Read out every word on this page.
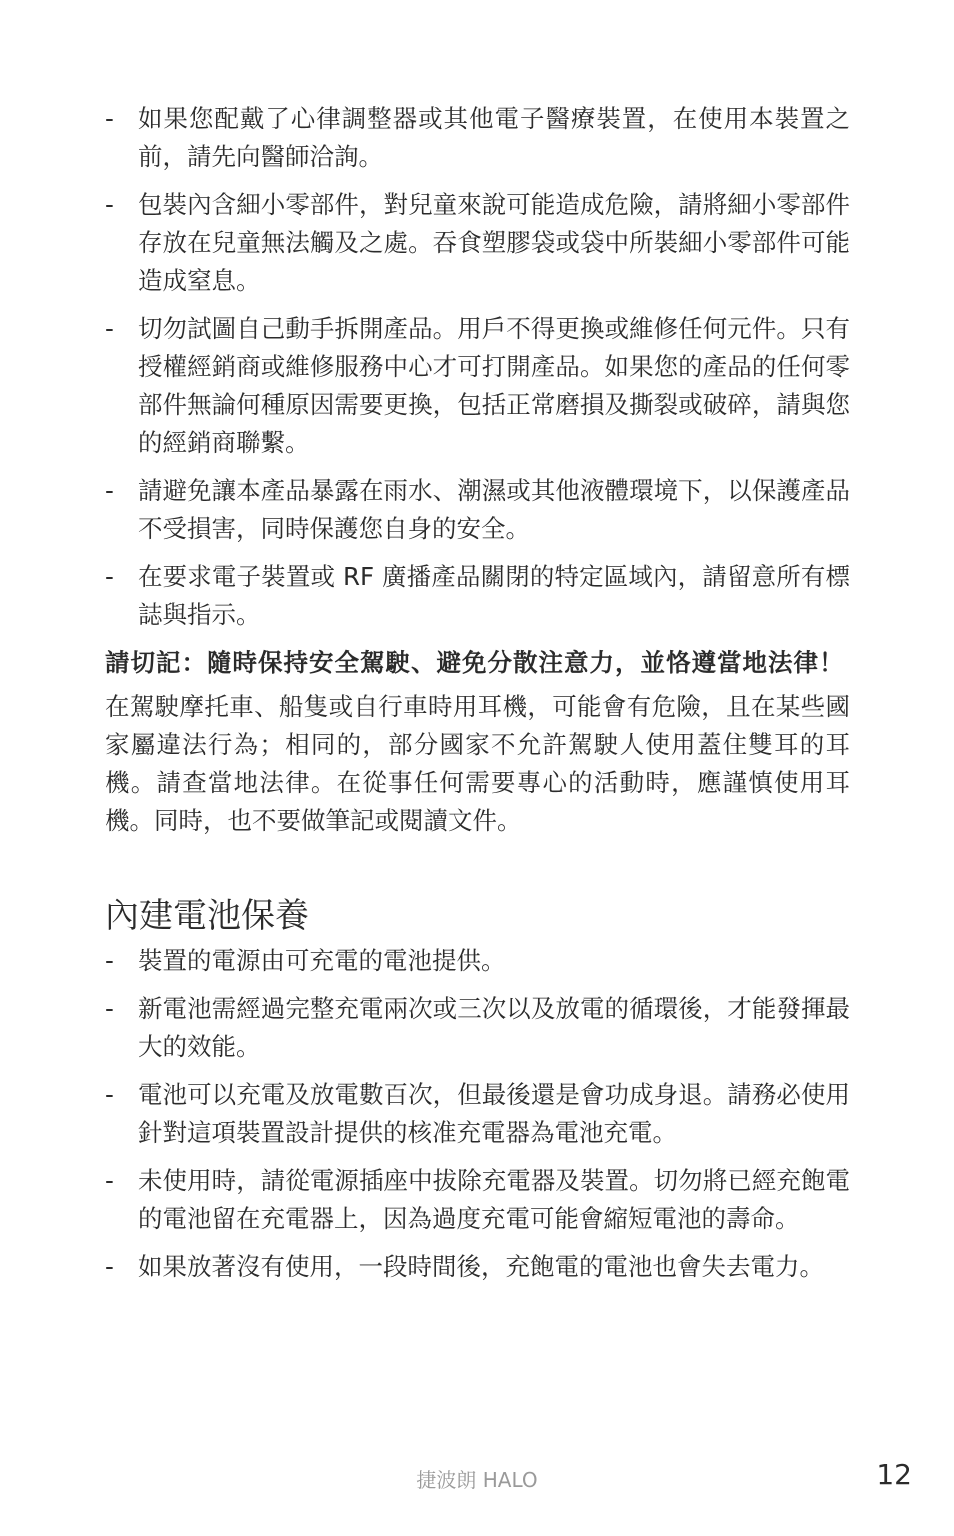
- 如果您配戴了心律調整器或其他電子醫療裝置，在使用本裝置之前，請先向醫師洽詢。
- 包裝內含細小零部件，對兒童來說可能造成危險，請將細小零部件存放在兒童無法觸及之處。吞食塑膠袋或袋中所裝細小零部件可能造成窒息。
- 切勿試圖自己動手拆開產品。用戶不得更換或維修任何元件。只有授權經銷商或維修服務中心才可打開產品。如果您的產品的任何零部件無論何種原因需要更換，包括正常磨損及撕裂或破碎，請與您的經銷商聯繫。
- 請避免讓本產品暴露在雨水、潮濕或其他液體環境下，以保護產品不受損害，同時保護您自身的安全。
- 在要求電子裝置或 RF 廣播產品關閉的特定區域內，請留意所有標誌與指示。
請切記：隨時保持安全駕駛、避免分散注意力，並恪遵當地法律！

在駕駛摩托車、船隻或自行車時用耳機，可能會有危險，且在某些國家屬違法行為；相同的，部分國家不允許駕駛人使用蓋住雙耳的耳機。請查當地法律。在從事任何需要專心的活動時，應謹慎使用耳機。同時，也不要做筆記或閱讀文件。

內建電池保養
- 裝置的電源由可充電的電池提供。
- 新電池需經過完整充電兩次或三次以及放電的循環後，才能發揮最大的效能。
- 電池可以充電及放電數百次，但最後還是會功成身退。請務必使用針對這項裝置設計提供的核准充電器為電池充電。
- 未使用時，請從電源插座中拔除充電器及裝置。切勿將已經充飽電的電池留在充電器上，因為過度充電可能會縮短電池的壽命。
- 如果放著沒有使用，一段時間後，充飽電的電池也會失去電力。
捷波朗 HALO	12
